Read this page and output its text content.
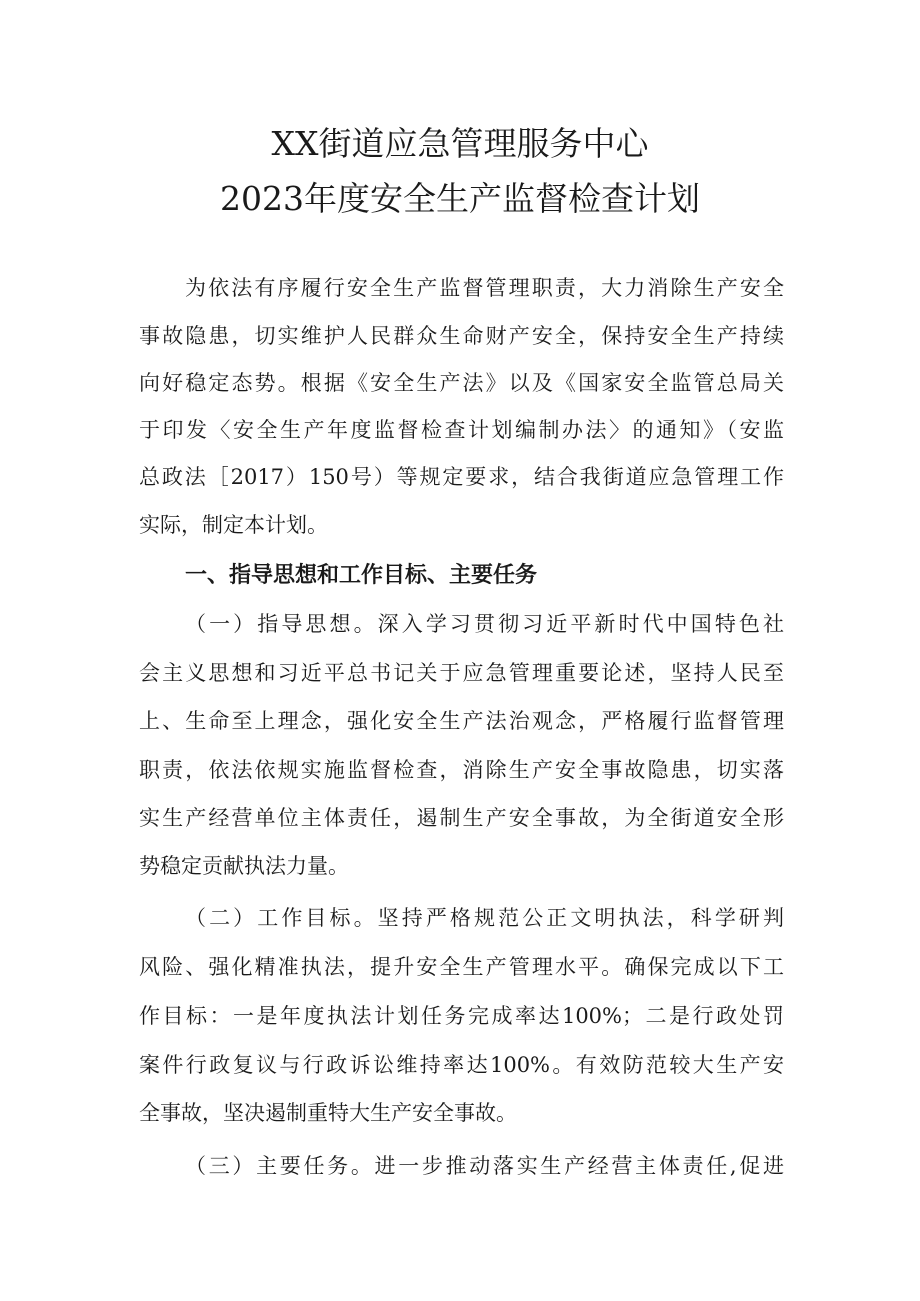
XX街道应急管理服务中心
2023年度安全生产监督检查计划
为依法有序履行安全生产监督管理职责，大力消除生产安全
事故隐患，切实维护人民群众生命财产安全，保持安全生产持续
向好稳定态势。根据《安全生产法》以及《国家安全监管总局关
于印发〈安全生产年度监督检查计划编制办法〉的通知》（安监
总政法［2017）150号）等规定要求，结合我街道应急管理工作
实际，制定本计划。
一、指导思想和工作目标、主要任务
（一）指导思想。深入学习贯彻习近平新时代中国特色社
会主义思想和习近平总书记关于应急管理重要论述，坚持人民至
上、生命至上理念，强化安全生产法治观念，严格履行监督管理
职责，依法依规实施监督检查，消除生产安全事故隐患，切实落
实生产经营单位主体责任，遏制生产安全事故，为全街道安全形
势稳定贡献执法力量。
（二）工作目标。坚持严格规范公正文明执法，科学研判
风险、强化精准执法，提升安全生产管理水平。确保完成以下工
作目标：一是年度执法计划任务完成率达100%；二是行政处罚
案件行政复议与行政诉讼维持率达100%。有效防范较大生产安
全事故，坚决遏制重特大生产安全事故。
（三）主要任务。进一步推动落实生产经营主体责任,促进
